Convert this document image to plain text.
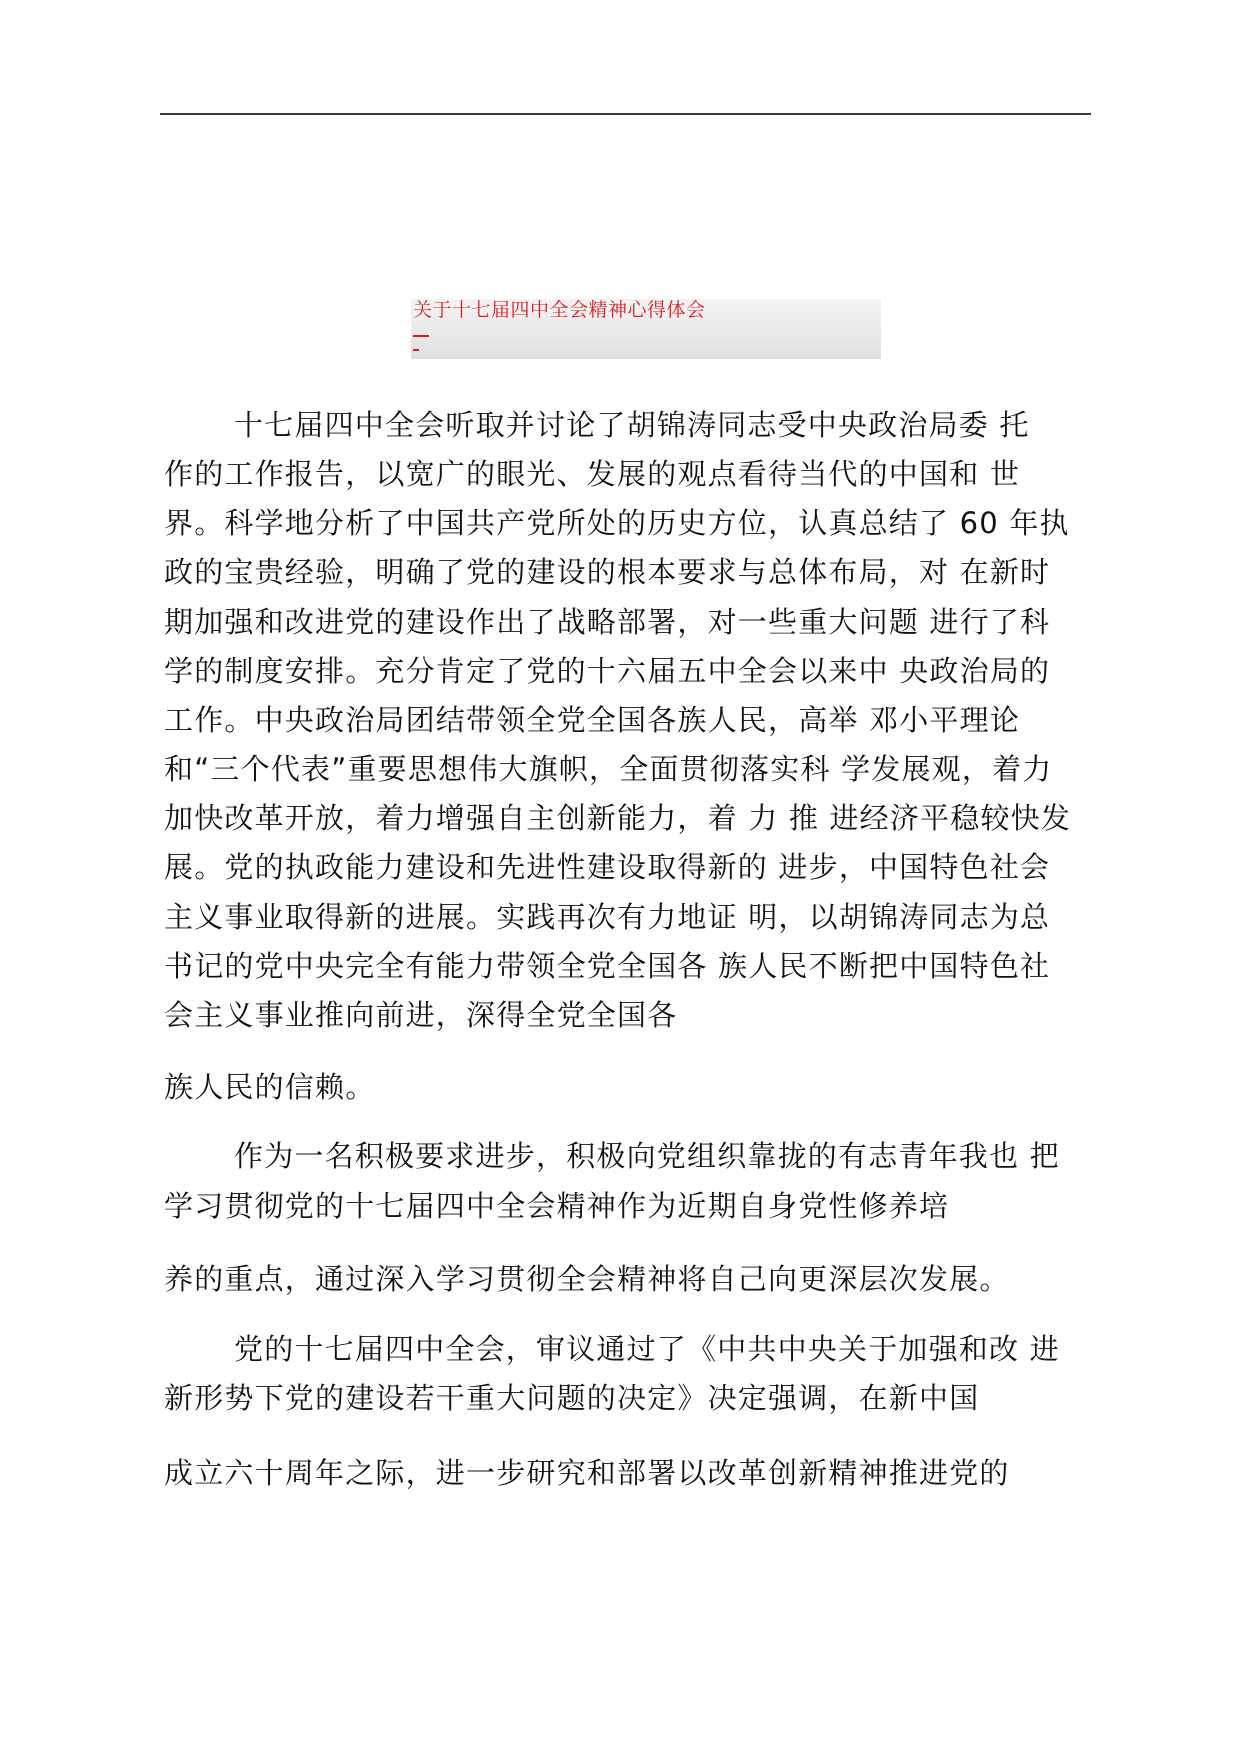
关于十七届四中全会精神心得体会
十七届四中全会听取并讨论了胡锦涛同志受中央政治局委 托
作的工作报告，以宽广的眼光、发展的观点看待当代的中国和 世
界。科学地分析了中国共产党所处的历史方位，认真总结了 60 年执
政的宝贵经验，明确了党的建设的根本要求与总体布局，对 在新时
期加强和改进党的建设作出了战略部署，对一些重大问题 进行了科
学的制度安排。充分肯定了党的十六届五中全会以来中 央政治局的
工作。中央政治局团结带领全党全国各族人民，高举 邓小平理论
和“三个代表”重要思想伟大旗帜，全面贯彻落实科 学发展观，着力
加快改革开放，着力增强自主创新能力，着 力 推 进经济平稳较快发
展。党的执政能力建设和先进性建设取得新的 进步，中国特色社会
主义事业取得新的进展。实践再次有力地证 明，以胡锦涛同志为总
书记的党中央完全有能力带领全党全国各 族人民不断把中国特色社
会主义事业推向前进，深得全党全国各
族人民的信赖。
作为一名积极要求进步，积极向党组织靠拢的有志青年我也 把
学习贯彻党的十七届四中全会精神作为近期自身党性修养培
养的重点，通过深入学习贯彻全会精神将自己向更深层次发展。
党的十七届四中全会，审议通过了《中共中央关于加强和改 进
新形势下党的建设若干重大问题的决定》决定强调，在新中国
成立六十周年之际，进一步研究和部署以改革创新精神推进党的
